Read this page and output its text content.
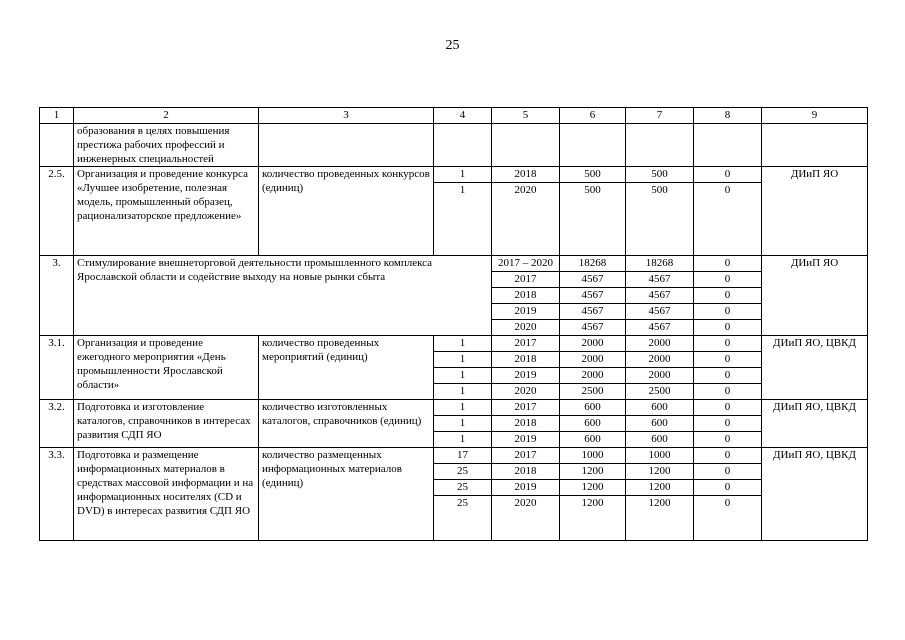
25
1	2	3	4	5	6	7	8	9
	образования в целях повышения престижа рабочих профессий и инженерных специальностей							
2.5.	Организация и проведение конкурса «Лучшее изобретение, полезная модель, промышленный образец, рационализаторское предложение»	количество проведенных конкурсов (единиц)	1	2018	500	500	0	ДИиП ЯО
			1	2020	500	500	0	
3.	Стимулирование внешнеторговой деятельности промышленного комплекса Ярославской области и содействие выходу на новые рынки сбыта			2017 – 2020	18268	18268	0	ДИиП ЯО
				2017	4567	4567	0	
				2018	4567	4567	0	
				2019	4567	4567	0	
				2020	4567	4567	0	
3.1.	Организация и проведение ежегодного мероприятия «День промышленности Ярославской области»	количество проведенных мероприятий (единиц)	1	2017	2000	2000	0	ДИиП ЯО, ЦВКД
			1	2018	2000	2000	0	
			1	2019	2000	2000	0	
			1	2020	2500	2500	0	
3.2.	Подготовка и изготовление каталогов, справочников в интересах развития СДП ЯО	количество изготовленных каталогов, справочников (единиц)	1	2017	600	600	0	ДИиП ЯО, ЦВКД
			1	2018	600	600	0	
			1	2019	600	600	0	
3.3.	Подготовка и размещение информационных материалов в средствах массовой информации и на информационных носителях (CD и DVD) в интересах развития СДП ЯО	количество размещенных информационных материалов (единиц)	17	2017	1000	1000	0	ДИиП ЯО, ЦВКД
			25	2018	1200	1200	0	
			25	2019	1200	1200	0	
			25	2020	1200	1200	0	
